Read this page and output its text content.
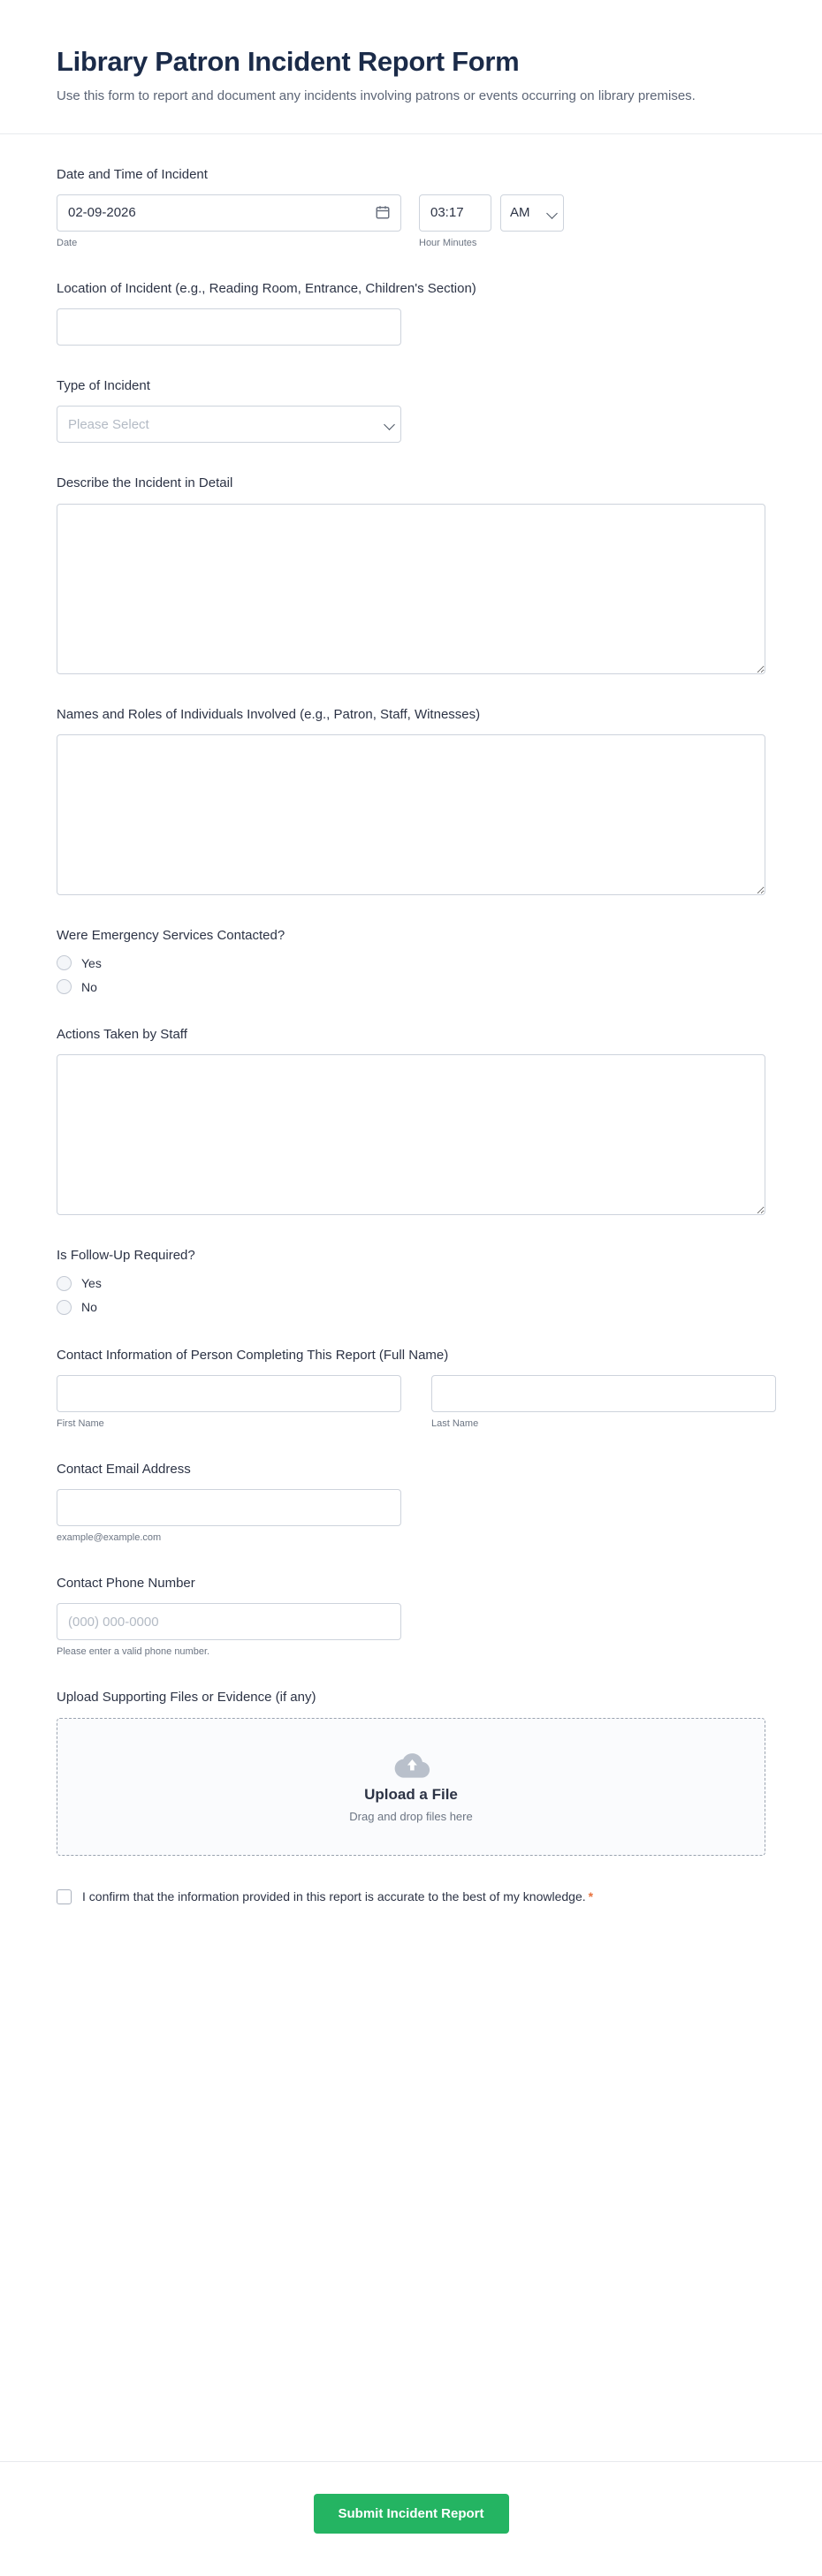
Library Patron Incident Report Form

Use this form to report and document any incidents involving patrons or events occurring on library premises.

Date and Time of Incident
02-09-2026
03:17
AM
Date	Hour Minutes
Location of Incident (e.g., Reading Room, Entrance, Children's Section)
Type of Incident
Please Select
Describe the Incident in Detail
Names and Roles of Individuals Involved (e.g., Patron, Staff, Witnesses)
Were Emergency Services Contacted?
Yes
No
Actions Taken by Staff
Is Follow-Up Required?
Yes
No
Contact Information of Person Completing This Report (Full Name)
First Name	Last Name
Contact Email Address
example@example.com
Contact Phone Number
(000) 000-0000
Please enter a valid phone number.
Upload Supporting Files or Evidence (if any)
Upload a File
Drag and drop files here
I confirm that the information provided in this report is accurate to the best of my knowledge. *
Submit Incident Report
